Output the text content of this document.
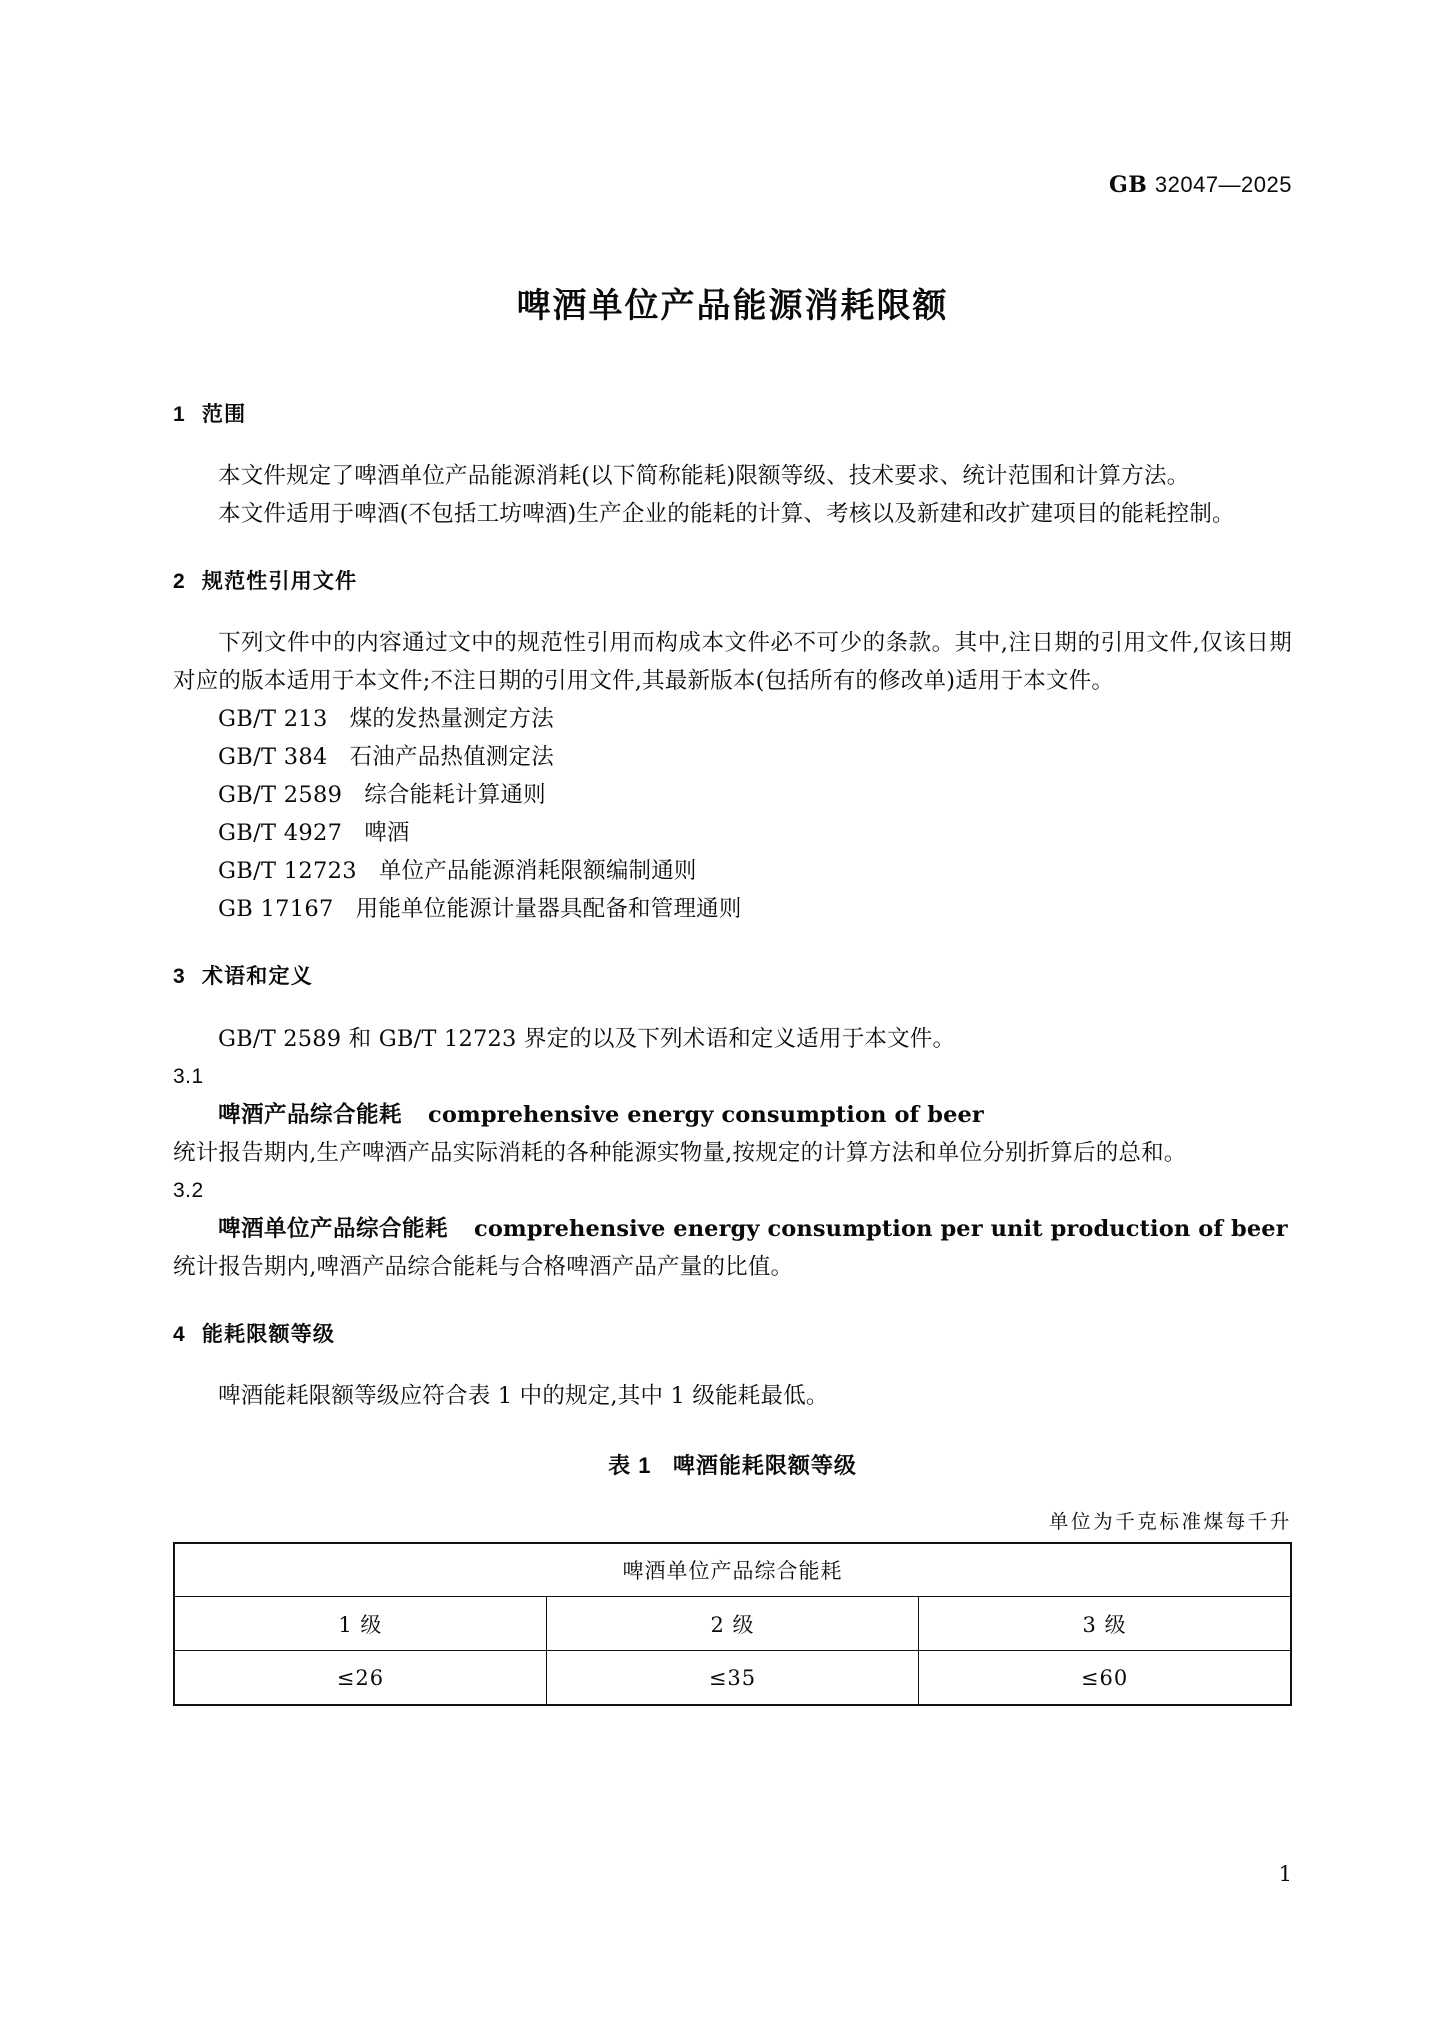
GB 32047—2025
啤酒单位产品能源消耗限额
1 范围

本文件规定了啤酒单位产品能源消耗(以下简称能耗)限额等级、技术要求、统计范围和计算方法。

本文件适用于啤酒(不包括工坊啤酒)生产企业的能耗的计算、考核以及新建和改扩建项目的能耗控制。

2 规范性引用文件

下列文件中的内容通过文中的规范性引用而构成本文件必不可少的条款。其中,注日期的引用文件,仅该日期对应的版本适用于本文件;不注日期的引用文件,其最新版本(包括所有的修改单)适用于本文件。

GB/T 213 煤的发热量测定方法

GB/T 384 石油产品热值测定法

GB/T 2589 综合能耗计算通则

GB/T 4927 啤酒

GB/T 12723 单位产品能源消耗限额编制通则

GB 17167 用能单位能源计量器具配备和管理通则

3 术语和定义

GB/T 2589 和 GB/T 12723 界定的以及下列术语和定义适用于本文件。

3.1

啤酒产品综合能耗 comprehensive energy consumption of beer

统计报告期内,生产啤酒产品实际消耗的各种能源实物量,按规定的计算方法和单位分别折算后的总和。

3.2

啤酒单位产品综合能耗 comprehensive energy consumption per unit production of beer

统计报告期内,啤酒产品综合能耗与合格啤酒产品产量的比值。

4 能耗限额等级

啤酒能耗限额等级应符合表 1 中的规定,其中 1 级能耗最低。

表 1 啤酒能耗限额等级

单位为千克标准煤每千升

啤酒单位产品综合能耗		
1 级	2 级	3 级
≤26	≤35	≤60
1
